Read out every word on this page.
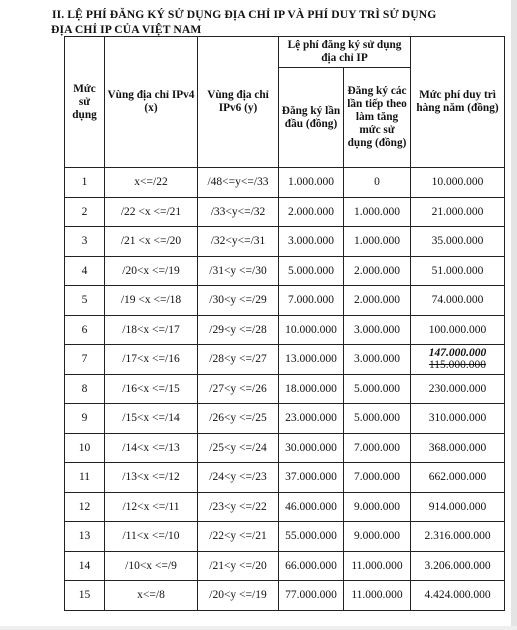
II. LỆ PHÍ ĐĂNG KÝ SỬ DỤNG ĐỊA CHỈ IP VÀ PHÍ DUY TRÌ SỬ DỤNG
ĐỊA CHỈ IP CỦA VIỆT NAM
Mức sử dụng	Vùng địa chỉ IPv4 (x)	Vùng địa chỉ IPv6 (y)	Lệ phí đăng ký sử dụng địa chỉ IP		Mức phí duy trì hàng năm (đồng)
			Đăng ký lần đầu (đồng)	Đăng ký các lần tiếp theo làm tăng mức sử dụng (đồng)	
1	x<=/22	/48<=y<=/33	1.000.000	0	10.000.000
2	/22 <x <=/21	/33<y<=/32	2.000.000	1.000.000	21.000.000
3	/21 <x <=/20	/32<y<=/31	3.000.000	1.000.000	35.000.000
4	/20<x <=/19	/31<y <=/30	5.000.000	2.000.000	51.000.000
5	/19 <x <=/18	/30<y <=/29	7.000.000	2.000.000	74.000.000
6	/18<x <=/17	/29<y <=/28	10.000.000	3.000.000	100.000.000
7	/17<x <=/16	/28<y <=/27	13.000.000	3.000.000	147.000.000
115.000.000

8	/16<x <=/15	/27<y <=/26	18.000.000	5.000.000	230.000.000
9	/15<x <=/14	/26<y <=/25	23.000.000	5.000.000	310.000.000
10	/14<x <=/13	/25<y <=/24	30.000.000	7.000.000	368.000.000
11	/13<x <=/12	/24<y <=/23	37.000.000	7.000.000	662.000.000
12	/12<x <=/11	/23<y <=/22	46.000.000	9.000.000	914.000.000
13	/11<x <=/10	/22<y <=/21	55.000.000	9.000.000	2.316.000.000
14	/10<x <=/9	/21<y <=/20	66.000.000	11.000.000	3.206.000.000
15	x<=/8	/20<y <=/19	77.000.000	11.000.000	4.424.000.000
